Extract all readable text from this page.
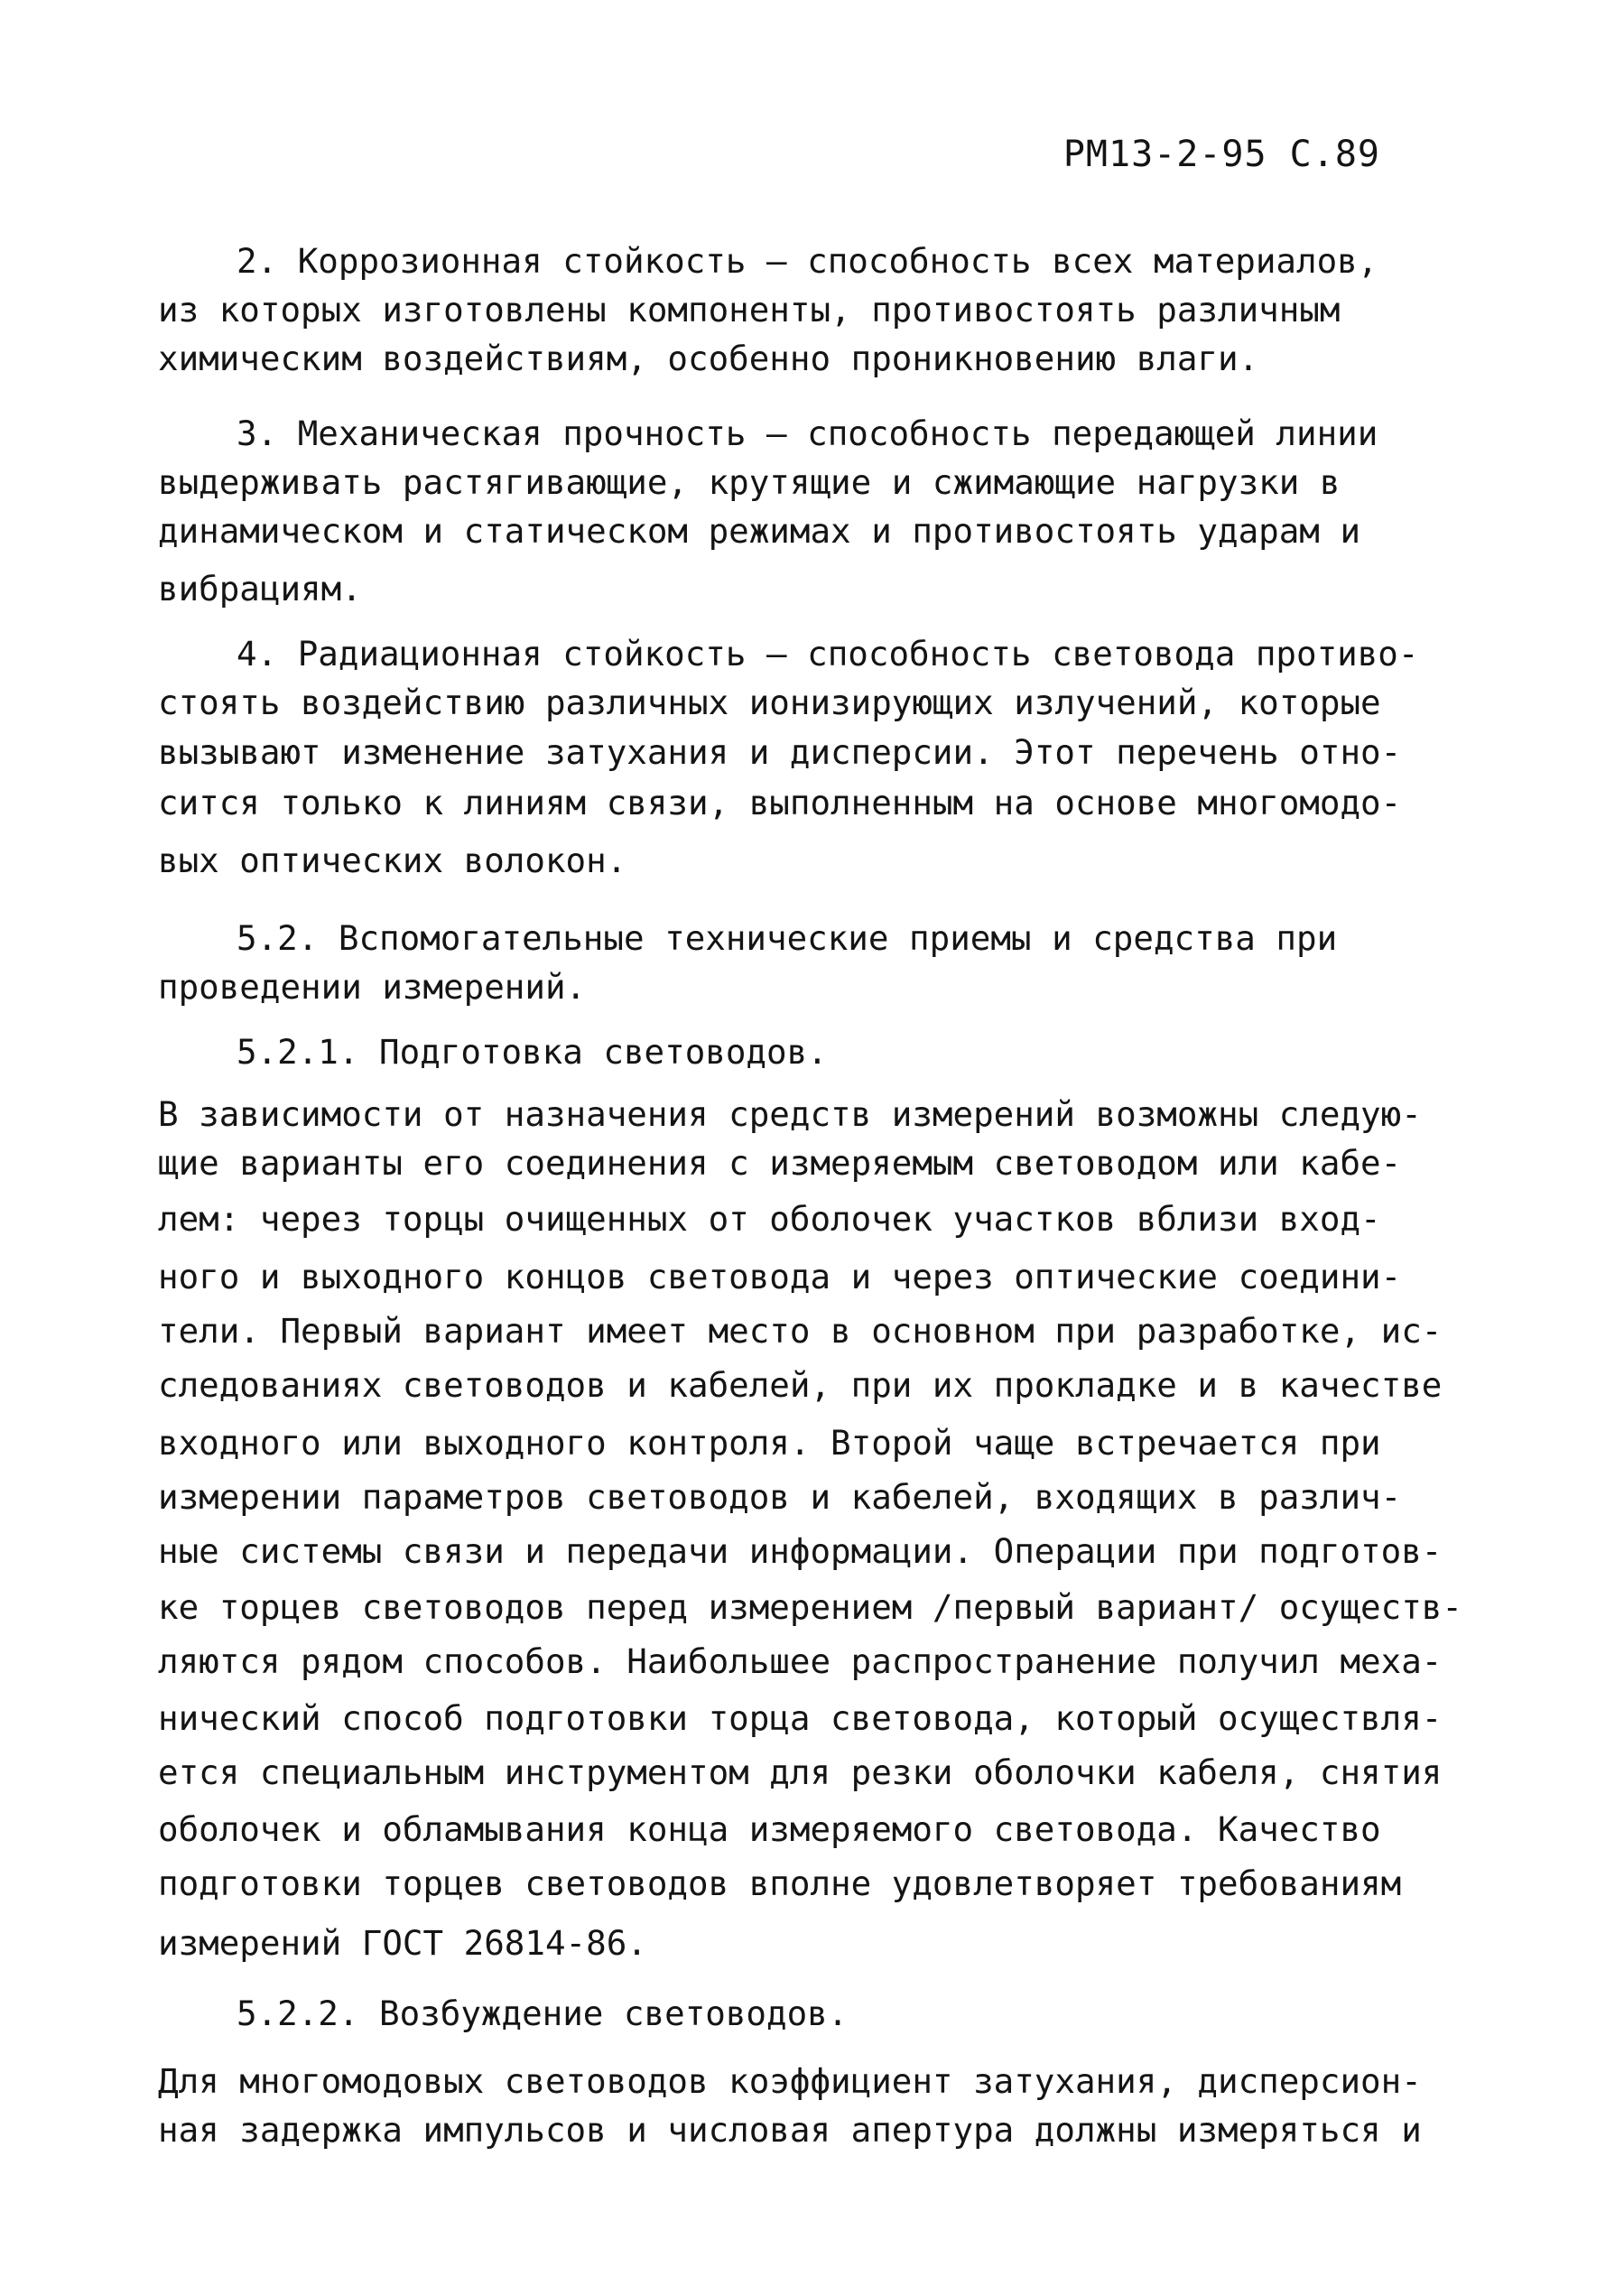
РМ13-2-95 С.89
2. Коррозионная стойкость – способность всех материалов,
из которых изготовлены компоненты, противостоять различным
химическим воздействиям, особенно проникновению влаги.
3. Механическая прочность – способность передающей линии
выдерживать растягивающие, крутящие и сжимающие нагрузки в
динамическом и статическом режимах и противостоять ударам и
вибрациям.
4. Радиационная стойкость – способность световода противо-
стоять воздействию различных ионизирующих излучений, которые
вызывают изменение затухания и дисперсии. Этот перечень отно-
сится только к линиям связи, выполненным на основе многомодо-
вых оптических волокон.
5.2. Вспомогательные технические приемы и средства при
проведении измерений.
5.2.1. Подготовка световодов.
В зависимости от назначения средств измерений возможны следую-
щие варианты его соединения с измеряемым световодом или кабе-
лем: через торцы очищенных от оболочек участков вблизи вход-
ного и выходного концов световода и через оптические соедини-
тели. Первый вариант имеет место в основном при разработке, ис-
следованиях световодов и кабелей, при их прокладке и в качестве
входного или выходного контроля. Второй чаще встречается при
измерении параметров световодов и кабелей, входящих в различ-
ные системы связи и передачи информации. Операции при подготов-
ке торцев световодов перед измерением /первый вариант/ осуществ-
ляются рядом способов. Наибольшее распространение получил меха-
нический способ подготовки торца световода, который осуществля-
ется специальным инструментом для резки оболочки кабеля, снятия
оболочек и обламывания конца измеряемого световода. Качество
подготовки торцев световодов вполне удовлетворяет требованиям
измерений ГОСТ 26814-86.
5.2.2. Возбуждение световодов.
Для многомодовых световодов коэффициент затухания, дисперсион-
ная задержка импульсов и числовая апертура должны измеряться и
